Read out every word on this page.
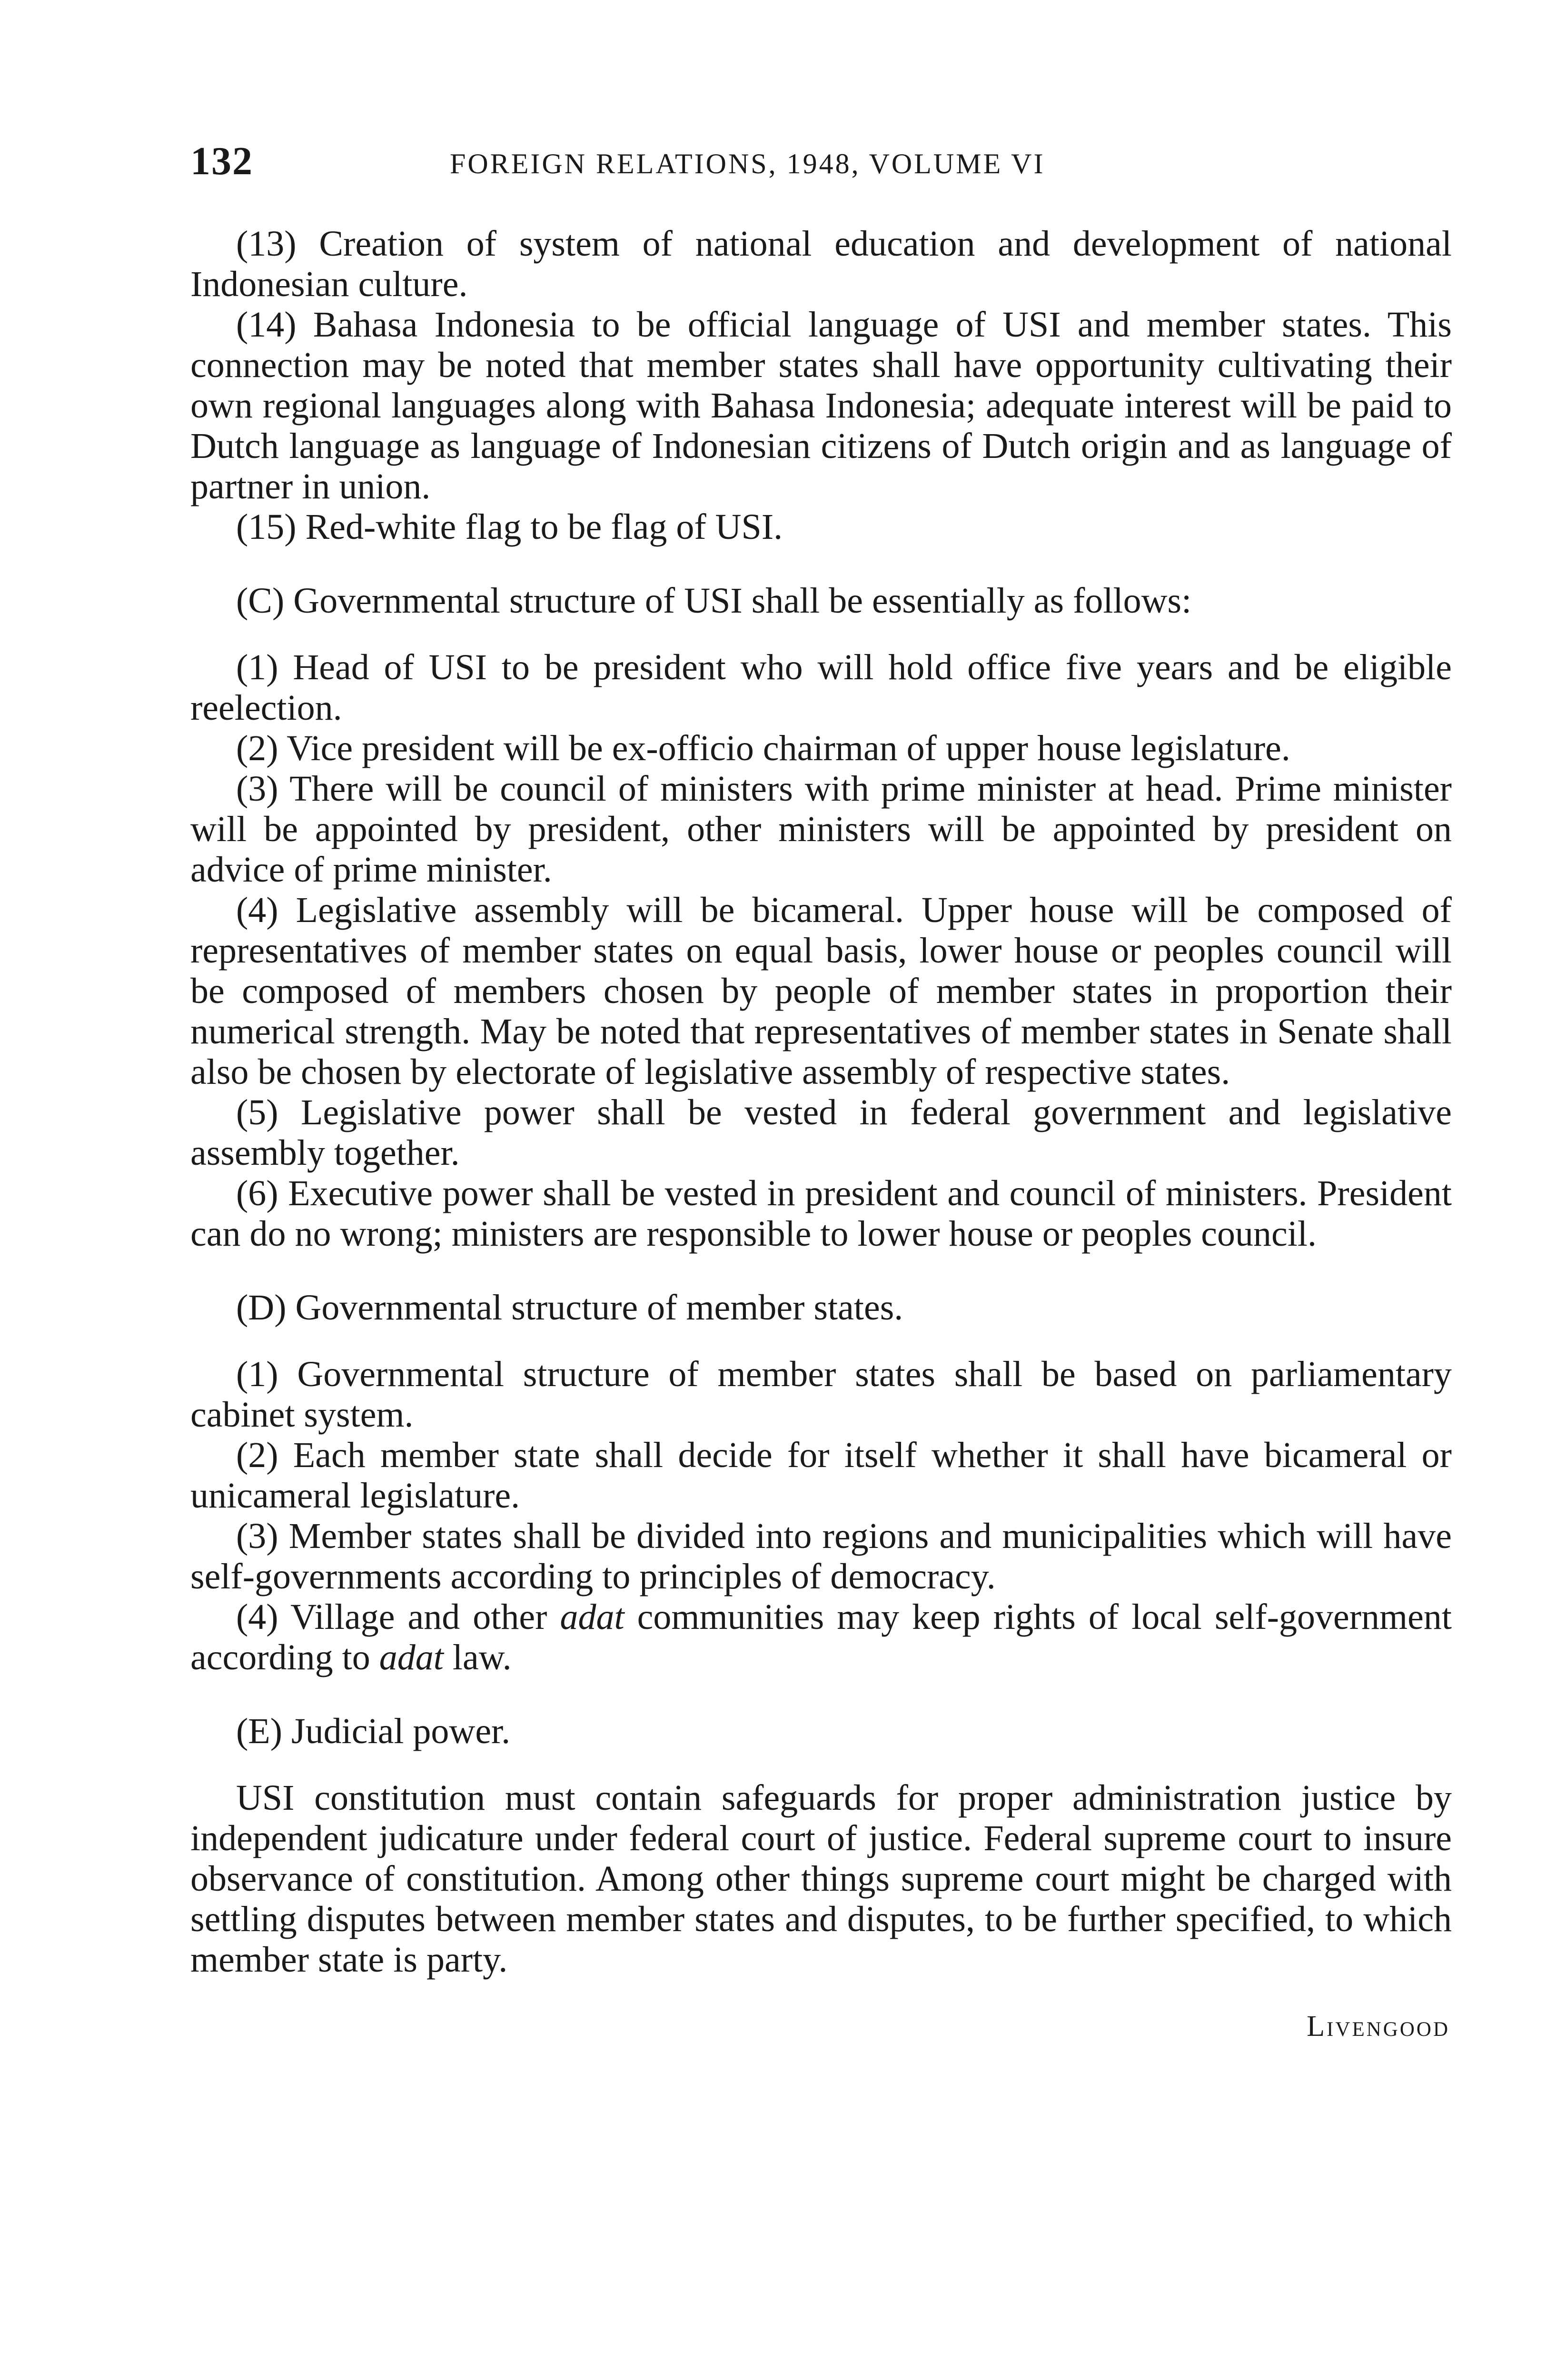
132	FOREIGN RELATIONS, 1948, VOLUME VI

(13) Creation of system of national education and development of national Indonesian culture.

(14) Bahasa Indonesia to be official language of USI and member states. This connection may be noted that member states shall have opportunity cultivating their own regional languages along with Bahasa Indonesia; adequate interest will be paid to Dutch language as language of Indonesian citizens of Dutch origin and as language of partner in union.

(15) Red-white flag to be flag of USI.

(C) Governmental structure of USI shall be essentially as follows:

(1) Head of USI to be president who will hold office five years and be eligible reelection.

(2) Vice president will be ex-officio chairman of upper house legislature.

(3) There will be council of ministers with prime minister at head. Prime minister will be appointed by president, other ministers will be appointed by president on advice of prime minister.

(4) Legislative assembly will be bicameral. Upper house will be composed of representatives of member states on equal basis, lower house or peoples council will be composed of members chosen by people of member states in proportion their numerical strength. May be noted that representatives of member states in Senate shall also be chosen by electorate of legislative assembly of respective states.

(5) Legislative power shall be vested in federal government and legislative assembly together.

(6) Executive power shall be vested in president and council of ministers. President can do no wrong; ministers are responsible to lower house or peoples council.

(D) Governmental structure of member states.

(1) Governmental structure of member states shall be based on parliamentary cabinet system.

(2) Each member state shall decide for itself whether it shall have bicameral or unicameral legislature.

(3) Member states shall be divided into regions and municipalities which will have self-governments according to principles of democracy.

(4) Village and other adat communities may keep rights of local self-government according to adat law.

(E) Judicial power.

USI constitution must contain safeguards for proper administration justice by independent judicature under federal court of justice. Federal supreme court to insure observance of constitution. Among other things supreme court might be charged with settling disputes between member states and disputes, to be further specified, to which member state is party.

Livengood
